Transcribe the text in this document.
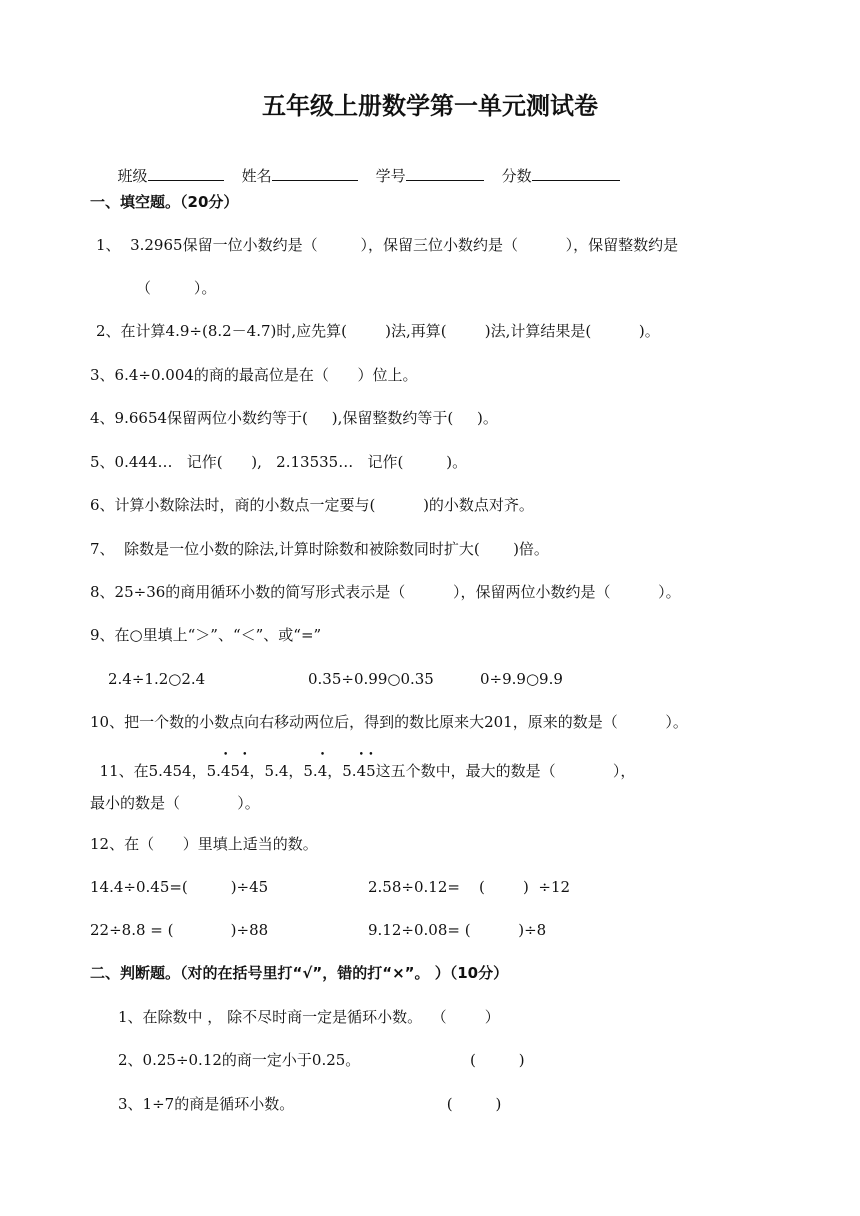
五年级上册数学第一单元测试卷

班级	姓名	学号	分数

一、填空题。（20分）
1、  3.2965保留一位小数约是（         ），保留三位小数约是（          ），保留整数约是
（         ）。
2、在计算4.9÷(8.2－4.7)时,应先算(        )法,再算(        )法,计算结果是(          )。
3、6.4÷0.004的商的最高位是在（      ）位上。
4、9.6654保留两位小数约等于(     ),保留整数约等于(     )。
5、0.444…   记作(      ),   2.13535…   记作(         )。
6、计算小数除法时，商的小数点一定要与(          )的小数点对齐。
7、  除数是一位小数的除法,计算时除数和被除数同时扩大(       )倍。
8、25÷36的商用循环小数的简写形式表示是（          ），保留两位小数约是（          ）。
9、在○里填上“＞”、“＜”、或“=”
2.4÷1.2○2.4	0.35÷0.99○0.35	0÷9.9○9.9
10、把一个数的小数点向右移动两位后，得到的数比原来大201，原来的数是（          ）。

11、在5.454，5.4 •54 •，5.4，5.4 •，5.4 •5 •这五个数中，最大的数是（            ），

最小的数是（            ）。
12、在（      ）里填上适当的数。
14.4÷0.45=(         )÷45	2.58÷0.12=    (        )  ÷12
22÷8.8 = (            )÷88	9.12÷0.08= (          )÷8
二、判断题。（对的在括号里打“√”，错的打“×”。 ）（10分）
1、在除数中 ， 除不尽时商一定是循环小数。  （        ）
2、0.25÷0.12的商一定小于0.25。                       (         )
3、1÷7的商是循环小数。                                (         )
